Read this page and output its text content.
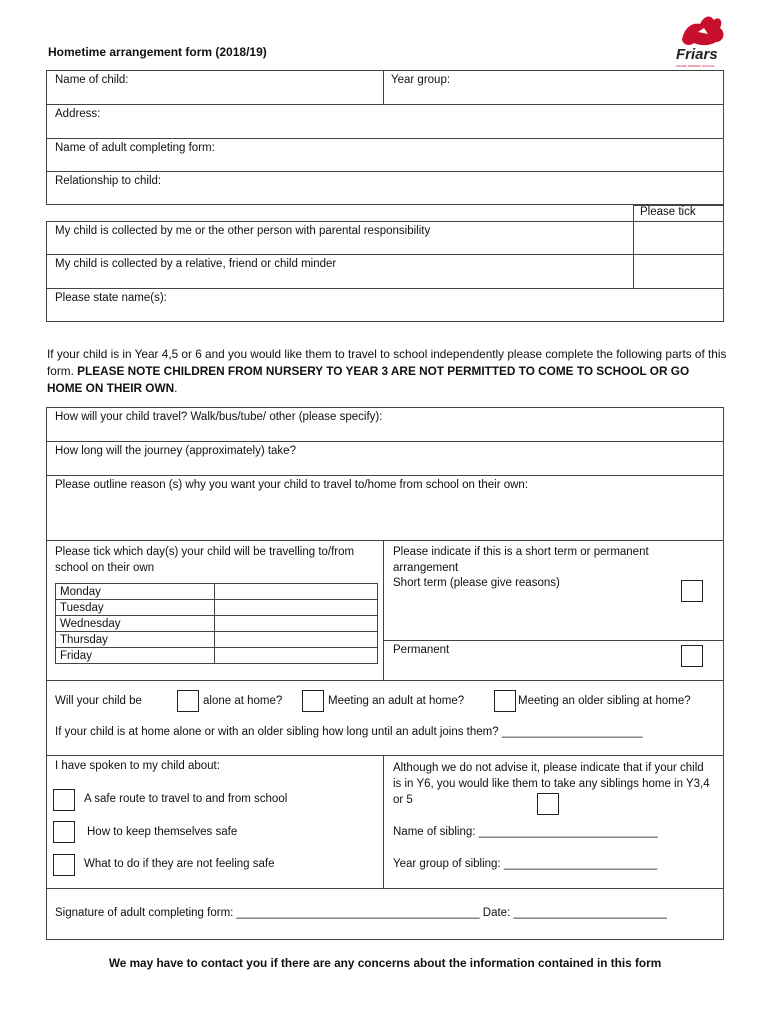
Hometime arrangement form (2018/19)	Friars
FRIARS PRIMARY SCHOOL
Name of child:	Year group:
Address:
Name of adult completing form:
Relationship to child:
Please tick
My child is collected by me or the other person with parental responsibility
My child is collected by a relative, friend or child minder
Please state name(s):
If your child is in Year 4,5 or 6 and you would like them to travel to school independently please complete the following parts of this form. PLEASE NOTE CHILDREN FROM NURSERY TO YEAR 3 ARE NOT PERMITTED TO COME TO SCHOOL OR GO HOME ON THEIR OWN.
How will your child travel? Walk/bus/tube/ other (please specify):
How long will the journey (approximately) take?
Please outline reason (s) why you want your child to travel to/home from school on their own:
Please tick which day(s) your child will be travelling to/from school on their own
Monday	
Tuesday	
Wednesday	
Thursday	
Friday	
Please indicate if this is a short term or permanent arrangement
Short term (please give reasons)
Permanent
Will your child be	alone at home?	Meeting an adult at home?	Meeting an older sibling at home?
If your child is at home alone or with an older sibling how long until an adult joins them? ______________________
I have spoken to my child about:
A safe route to travel to and from school
How to keep themselves safe
What to do if they are not feeling safe
Although we do not advise it, please indicate that if your child is in Y6, you would like them to take any siblings home in Y3,4 or 5
Name of sibling: ____________________________
Year group of sibling: ________________________
Signature of adult completing form: ______________________________________ Date: ________________________
We may have to contact you if there are any concerns about the information contained in this form
